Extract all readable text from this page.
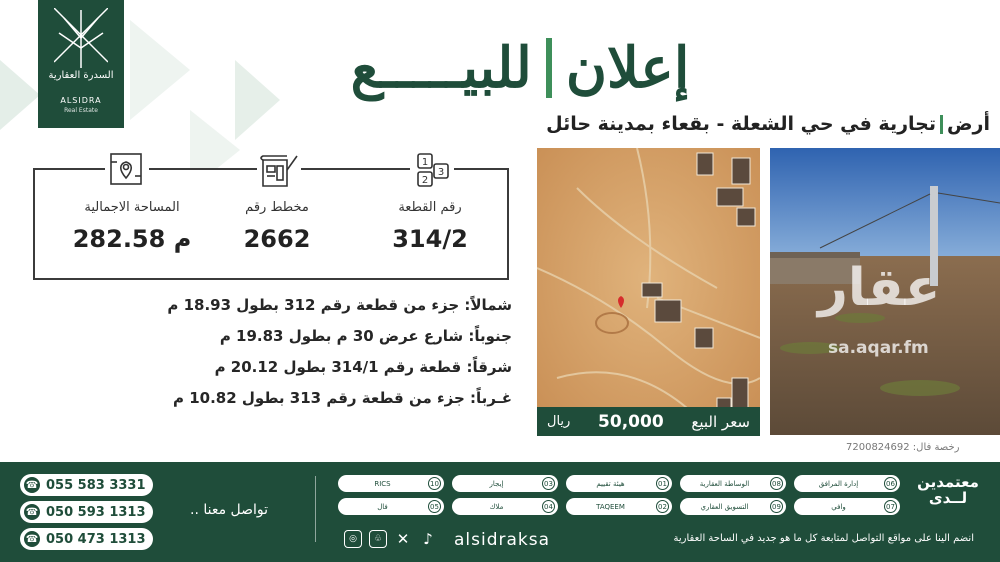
السدرة العقارية
ALSIDRA
Real Estate
إعلان
للبيـــــع
أرضتجارية في حي الشعلة - بقعاء بمدينة حائل
رقم القطعة
314/2
مخطط رقم
2662
المساحة الاجمالية
282.58 م
1
2
3
شمالاً: جزء من قطعة رقم 312 بطول 18.93 م
جنوباً: شارع عرض 30 م بطول 19.83 م
شرقاً: قطعة رقم 314/1 بطول 20.12 م
غـرباً: جزء من قطعة رقم 313 بطول 10.82 م
سعر البيع
50,000
ريال
عقار
sa.aqar.fm
رخصة فال: 7200824692
☎ 055 583 3331
☎ 050 593 1313
☎ 050 473 1313
تواصل معنا ..
معتمدين
لــدى
06
إدارة المرافق
08
الوساطة العقارية
01
هيئة تقييم
03
إيجار
10
RICS
07
وافي
09
التسويق العقاري
02
TAQEEM
04
ملاك
05
فال
◎	♧ ✕ ♪ alsidraksa	انضم الينا على مواقع التواصل لمتابعة كل ما هو جديد في الساحة العقارية
